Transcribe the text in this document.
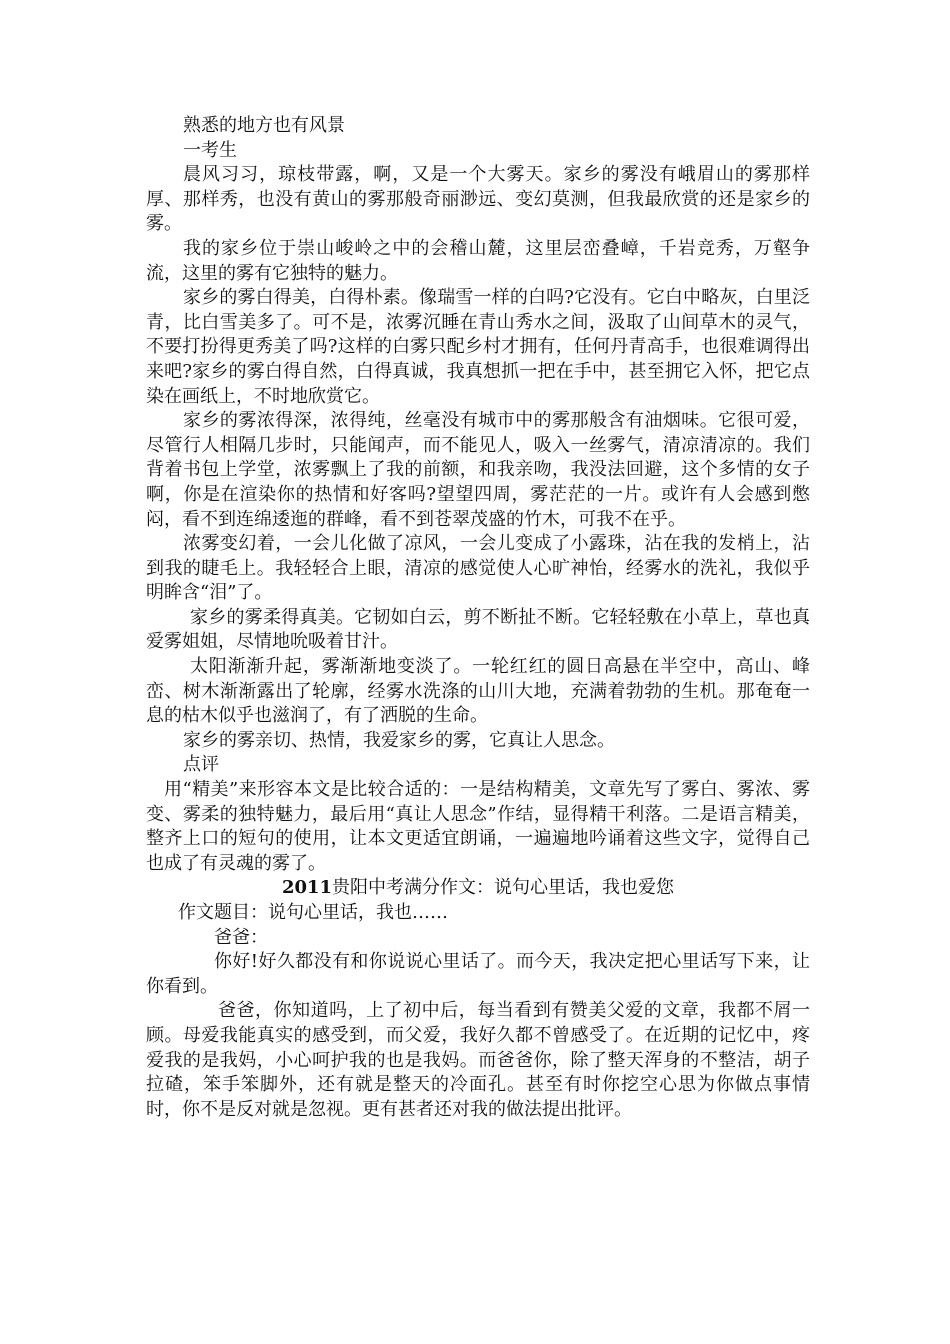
熟悉的地方也有风景

一考生

晨风习习，琼枝带露，啊，又是一个大雾天。家乡的雾没有峨眉山的雾那样厚、那样秀，也没有黄山的雾那般奇丽渺远、变幻莫测，但我最欣赏的还是家乡的雾。

我的家乡位于崇山峻岭之中的会稽山麓，这里层峦叠嶂，千岩竞秀，万壑争流，这里的雾有它独特的魅力。

家乡的雾白得美，白得朴素。像瑞雪一样的白吗?它没有。它白中略灰，白里泛青，比白雪美多了。可不是，浓雾沉睡在青山秀水之间，汲取了山间草木的灵气，不要打扮得更秀美了吗?这样的白雾只配乡村才拥有，任何丹青高手，也很难调得出来吧?家乡的雾白得自然，白得真诚，我真想抓一把在手中，甚至拥它入怀，把它点染在画纸上，不时地欣赏它。

家乡的雾浓得深，浓得纯，丝毫没有城市中的雾那般含有油烟味。它很可爱，尽管行人相隔几步时，只能闻声，而不能见人，吸入一丝雾气，清凉清凉的。我们背着书包上学堂，浓雾飘上了我的前额，和我亲吻，我没法回避，这个多情的女子啊，你是在渲染你的热情和好客吗?望望四周，雾茫茫的一片。或许有人会感到憋闷，看不到连绵逶迤的群峰，看不到苍翠茂盛的竹木，可我不在乎。

浓雾变幻着，一会儿化做了凉风，一会儿变成了小露珠，沾在我的发梢上，沾到我的睫毛上。我轻轻合上眼，清凉的感觉使人心旷神怡，经雾水的洗礼，我似乎明眸含“泪”了。

家乡的雾柔得真美。它韧如白云，剪不断扯不断。它轻轻敷在小草上，草也真爱雾姐姐，尽情地吮吸着甘汁。

太阳渐渐升起，雾渐渐地变淡了。一轮红红的圆日高悬在半空中，高山、峰峦、树木渐渐露出了轮廓，经雾水洗涤的山川大地，充满着勃勃的生机。那奄奄一息的枯木似乎也滋润了，有了洒脱的生命。

家乡的雾亲切、热情，我爱家乡的雾，它真让人思念。

点评

用“精美”来形容本文是比较合适的：一是结构精美，文章先写了雾白、雾浓、雾变、雾柔的独特魅力，最后用“真让人思念”作结，显得精干利落。二是语言精美，整齐上口的短句的使用，让本文更适宜朗诵，一遍遍地吟诵着这些文字，觉得自己也成了有灵魂的雾了。

2011贵阳中考满分作文：说句心里话，我也爱您

作文题目：说句心里话，我也……

爸爸：

你好!好久都没有和你说说心里话了。而今天，我决定把心里话写下来，让你看到。

爸爸，你知道吗，上了初中后，每当看到有赞美父爱的文章，我都不屑一顾。母爱我能真实的感受到，而父爱，我好久都不曾感受了。在近期的记忆中，疼爱我的是我妈，小心呵护我的也是我妈。而爸爸你，除了整天浑身的不整洁，胡子拉碴，笨手笨脚外，还有就是整天的冷面孔。甚至有时你挖空心思为你做点事情时，你不是反对就是忽视。更有甚者还对我的做法提出批评。
